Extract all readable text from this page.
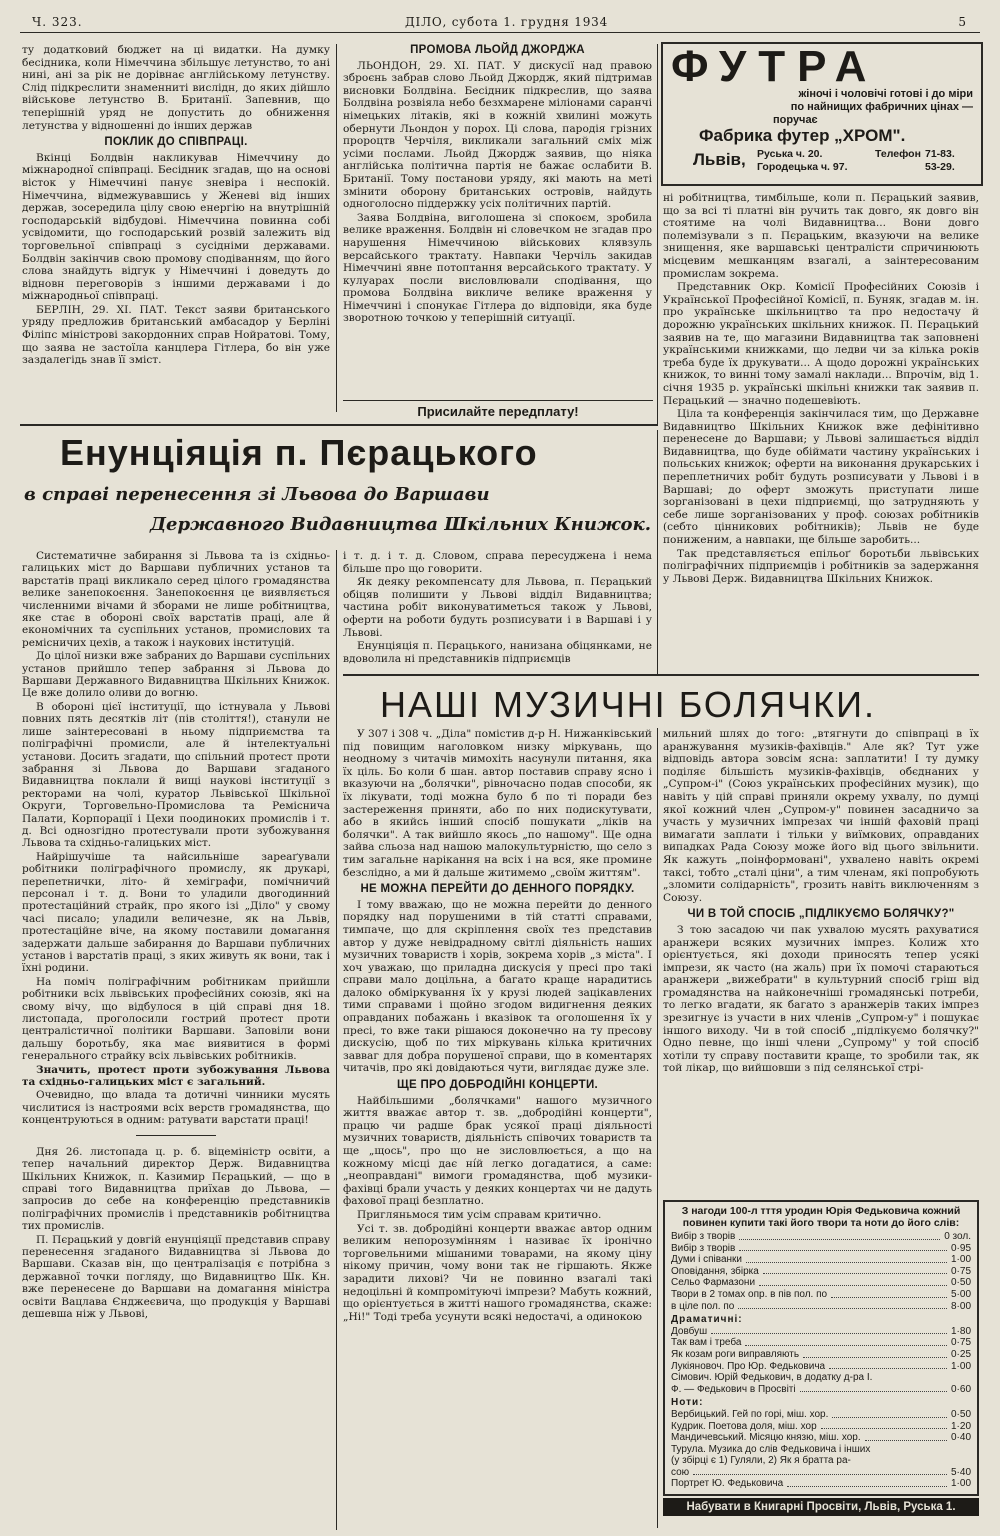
Ч. 323.	ДІЛО, субота 1. грудня 1934	5

ту додатковий бюджет на ці видатки. На думку бесідника, коли Німеччина збільшує летунство, то ані нині, ані за рік не дорівнає англійському летунству. Слід підкреслити знаменниті вислідн, до яких дійшло військове летунство В. Британії. Запевнив, що теперішній уряд не допустить до обниження летунства у відношенні до інших держав

ПОКЛИК ДО СПІВПРАЦІ.

Вкінці Болдвін накликував Німеччину до міжнародної співпраці. Бесідник згадав, що на основі вісток у Німеччині панує зневіра і неспокій. Німеччина, відмежувавшись у Женеві від інших держав, зосередила цілу свою енергію на внутрішній господарській відбудові. Німеччина повинна собі усвідомити, що господарський розвій залежить від торговельної співпраці з сусідніми державами. Болдвін закінчив свою промову сподіванням, що його слова знайдуть відгук у Німеччині і доведуть до відновн переговорів з іншими державами і до міжнародньої співпраці.

БЕРЛІН, 29. XI. ПАТ. Текст заяви британського уряду предложив британський амбасадор у Берліні Філіпс міністрові закордонних справ Нойратові. Тому, що заява не застоїла канцлера Гітлера, бо він уже заздалегідь знав її зміст.

ПРОМОВА ЛЬОЙД ДЖОРДЖА

ЛЬОНДОН, 29. XI. ПАТ. У дискусії над правою зброєнь забрав слово Льойд Джордж, який підтримав висновки Болдвіна. Бесідник підкреслив, що заява Болдвіна розвіяла небо безхмарене міліонами саранчі німецьких літаків, які в кожній хвилині можуть обернути Льондон у порох. Ці слова, пародія грізних пророцтв Черчіля, викликали загальний сміх між усіми послами. Льойд Джордж заявив, що ніяка англійська політична партія не бажає ослабити В. Британії. Тому постанови уряду, які мають на меті змінити оборону британських островів, найдуть одноголосно піддержку усіх політичних партій.

Заява Болдвіна, виголошена зі спокоєм, зробила велике враження. Болдвін ні словечком не згадав про нарушення Німеччиною військових клявзуль версайського трактату. Навпаки Черчіль закидав Німеччині явне потоптання версайського трактату. У кулуарах посли висловлювали сподівання, що промова Болдвіна викличе велике враження у Німеччині і спонукає Гітлера до відповіди, яка буде зворотною точкою у теперішній ситуації.

Присилайте передплату!
ФУТРА
жіночі і чоловічі готові і до міри
по найнищих фабричних цінах —
поручає
Фабрика футер „ХРОМ".
Львів, Руська ч. 20.
Городецька ч. 97.
Телефон 71-83.
53-29.
Енунціяція п. Пєрацького
в справі перенесення зі Львова до Варшави
Державного Видавництва Шкільних Книжок.

Систематичне забирання зі Львова та із східньо-галицьких міст до Варшави публичних установ та варстатів праці викликало серед цілого громадянства велике занепокоєння. Занепокоєння це виявляється численними вічами й зборами не лише робітництва, яке стає в обороні своїх варстатів праці, але й економічних та суспільних установ, промислових та ремісничих цехів, а також і наукових інституцій.

До цілої низки вже забраних до Варшави суспільних установ прийшло тепер забрання зі Львова до Варшави Державного Видавництва Шкільних Книжок. Це вже долило оливи до вогню.

В обороні цієї інституції, що істнувала у Львові повних пять десятків літ (пів століття!), станули не лише заінтересовані в ньому підприємства та поліграфічні промисли, але й інтелектуальні установи. Досить згадати, що спільний протест проти забрання зі Львова до Варшави згаданого Видавництва поклали й вищі наукові інституції з ректорами на чолі, куратор Львівської Шкільної Округи, Торговельно-Промислова та Ремісничa Палати, Корпорації і Цехи поодиноких промислів і т. д. Всі однозгідно протестували проти зубожування Львова та східньо-галицьких міст.

Найрішучіше та найсильніше зареаґували робітники поліграфічного промислу, як друкарі, перепетнички, літо- й хеміграфи, помічничий персонал і т. д. Вони то уладили двогодинний протестаційний страйк, про якого ізі „Діло" у свому часі писало; уладили величезне, як на Львів, протестаційне віче, на якому поставили домагання задержати дальше забирання до Варшави публичних установ і варстатів праці, з яких живуть як вони, так і їхні родини.

На поміч поліграфічним робітникам прийшли робітники всіх львівських професійних союзів, які на свому вічу, що відбулося в цій справі дня 18. листопада, проголосили гострий протест проти централістичної політики Варшави. Заповіли вони дальшу боротьбу, яка має виявитися в формі генерального страйку всіх львівських робітників.

Значить, протест проти зубожування Львова та східньо-галицьких міст є загальний.

Очевидно, що влада та дотичні чинники мусять числитися із настроями всіх верств громадянства, що концентруються в одним: ратувати варстати праці!

Дня 26. листопада ц. р. б. віцеміністр освіти, а тепер начальний директор Держ. Видавництва Шкільних Книжок, п. Казимир Пєрацький, — що в справі того Видавництва приїхав до Львова, — запросив до себе на конференцію представників поліграфічних промислів і представників робітництва тих промислів.

П. Пєрацький у довгій енунціяції представив справу перенесення згаданого Видавництва зі Львова до Варшави. Сказав він, що централізація є потрібна з державної точки погляду, що Видавництво Шк. Кн. вже перенесене до Варшави на домагання міністра освіти Вацлава Єнджеєвича, що продукція у Варшаві дешевша ніж у Львові,

і т. д. і т. д. Словом, справа пересуджена і нема більше про що говорити.

Як деяку рекомпенсату для Львова, п. Пєрацький обіцяв полишити у Львові відділ Видавництва; частина робіт виконуватиметься також у Львові, оферти на роботи будуть розписувати і в Варшаві і у Львові.

Енунціяція п. Пєрацького, нанизана обіцянками, не вдоволила ні представників підприємців

ні робітництва, тимбільше, коли п. Пєрацький заявив, що за всі ті платні він ручить так довго, як довго він стоятиме на чолі Видавництва... Вони довго полемізували з п. Пєрацьким, вказуючи на велике знищення, яке варшавські централісти спричинюють місцевим мешканцям взагалі, а заінтересованим промислам зокрема.

Представник Окр. Комісії Професійних Союзів і Української Професійної Комісії, п. Буняк, згадав м. ін. про українське шкільництво та про недостачу й дорожню українських шкільних книжок. П. Пєрацький заявив на те, що магазини Видавництва так заповнені українськими книжками, що ледви чи за кілька років треба буде їх друкувати... А щодо дорожні українських книжок, то винні тому замалі наклади... Впрочім, від 1. січня 1935 р. українські шкільні книжки так заявив п. Пєрацький — значно подешевіють.

Ціла та конференція закінчилася тим, що Державне Видавництво Шкільних Книжок вже дефінітивно перенесене до Варшави; у Львові залишається відділ Видавництва, що буде обіймати частину українських і польських книжок; оферти на виконання друкарських і переплетничих робіт будуть розписувати у Львові і в Варшаві; до оферт зможуть приступати лише зорганізовані в цехи підприємці, що затрудняють у себе лише зорганізованих у проф. союзах робітників (себто цінникових робітників); Львів не буде пониженим, а навпаки, ще більше заробить...

Так представляється епільоґ боротьби львівських поліграфічних підприємців і робітників за задержання у Львові Держ. Видавництва Шкільних Книжок.

НАШІ МУЗИЧНІ БОЛЯЧКИ.

У 307 і 308 ч. „Діла" помістив д-р Н. Нижанківський під повищим наголовком низку міркувань, що неодному з читачів мимохіть насунули питання, яка їх ціль. Бо коли б шан. автор поставив справу ясно і вказуючи на „болячки", рівночасно подав способи, як їх лікувати, тоді можна було б по ті поради без застереження приняти, або по них подискутувати, або в якийсь інший спосіб пошукати „ліків на болячки". А так вийшло якось „по нашому". Ще одна зайва сльоза над нашою малокультурністю, що село з тим загальне нарікання на всіх і на вся, яке промине безслідно, а ми й дальше житимемо „своїм життям".

НЕ МОЖНА ПЕРЕЙТИ ДО ДЕННОГО ПОРЯДКУ.

І тому вважаю, що не можна перейти до денного порядку над порушеними в тій статті справами, тимпаче, що для скріплення своїх тез представив автор у дуже невідрадному світлі діяльність наших музичних товариств і хорів, зокрема хорів „з міста". І хоч уважаю, що приладна дискусія у пресі про такі справи мало доцільна, а багато краще нарадитись далоко обміркування їх у крузі людей зацікавлених тими справами і щойно згодом видигнення деяких оправданих побажань і вказівок та оголошення їх у пресі, то вже таки рішаюся доконечно на ту пресову дискусію, щоб по тих міркувань кілька критичних завваг для добра порушеної справи, що в коментарях читачів, про які довідаються чути, виглядає дуже зле.

ЩЕ ПРО ДОБРОДІЙНІ КОНЦЕРТИ.

Найбільшими „болячками" нашого музичного життя вважає автор т. зв. „добродійні концерти", працю чи радше брак усякої праці діяльності музичних товариств, діяльність співочих товариств та ще „щось", про що не зисловлюється, а що на кожному місці дає ні́й легко догадатися, а саме: „неоправдані" вимоги громадянства, щоб музики-фахівці брали участь у деяких концертах чи не дадуть фахової праці безплатно.

Пригляньмося тим усім справам критично.

Усі т. зв. добродійні концерти вважає автор одним великим непорозумінням і називає їх іронічно торговельними мішаними товарами, на якому ціну нікому причин, чому вони так не гіршають. Якже зарадити лихові? Чи не повинно взагалі такі недоцільні й компромітуючі імпрези? Мабуть кожний, що орієнтується в житті нашого громадянства, скаже: „Ні!" Тоді треба усунути всякі недостачі, а одинокою

мильний шлях до того: „втягнути до співпраці в їх аранжування музиків-фахівців." Але як? Тут уже відповідь автора зовсім ясна: заплатити! І ту думку поділяє більшість музиків-фахівців, обєднаних у „Супром-і" (Союз українських професійних музик), що навіть у цій справі приняли окрему ухвалу, по думці якої кожний член „Супром-у" повинен засадничо за участь у музичних імпрезах чи іншій фаховій праці вимагати заплати і тільки у виїмкових, оправданих випадках Рада Союзу може його від цього звільнити. Як кажуть „поінформовані", ухвалено навіть окремі таксі, тобто „сталі ціни", а тим членам, які попробують „зломити солідарність", грозить навіть виключенням з Союзу.

ЧИ В ТОЙ СПОСІБ „ПІДЛІКУЄМО БОЛЯЧКУ?"

З тою засадою чи пак ухвалою мусять рахуватися аранжери всяких музичних імпрез. Колиж хто орієнтується, які доходи приносять тепер усякі імпрези, як часто (на жаль) при їх помочі стараються аранжери „вижебрати" в культурний спосіб гріш від громадянства на найконечніші громадянські потреби, то легко вгадати, як багато з аранжерів таких імпрез зрезигнує із участи в них членів „Супром-у" і пошукає іншого виходу. Чи в той спосіб „підлікуємо болячку?" Одно певне, що інші члени „Супрому" у той спосіб хотіли ту справу поставити краще, то зробили так, як той лікар, що вийшовши з під селянської стрі-

З нагоди 100-л тття уродин Юрія Федьковича кожний повинен купити такі його твори та ноти до його слів:
Вибір з творів	0 зол.
Вибір з творів	0·95
Думи і співанки	1·00
Оповідання, збірка	0·75
Сельо Фармазони	0·50
Твори в 2 томах опр. в пів пол. по	5·00
в ціле пол. по	8·00
Драматичні:
Довбуш	1·80
Так вам і треба	0·75
Як козам роги виправляють	0·25
Лукіяновоч. Про Юр. Федьковича	1·00
Сімович. Юрій Федькович, в додатку д-ра І.
Ф. — Федькович в Просвіті	0·60
Ноти:
Вербицький. Гей по горі, міш. хор.	0·50
Кудрик. Поетова доля, міш. хор	1·20
Мандичевський. Місяцю князю, міш. хор.	0·40
Турула. Музика до слів Федьковича і інших
(у збірці є 1) Гуляли, 2) Як я братта ра-
сою	5·40
Портрет Ю. Федьковича	1·00
Набувати в Книгарні Просвіти, Львів, Руська 1.
